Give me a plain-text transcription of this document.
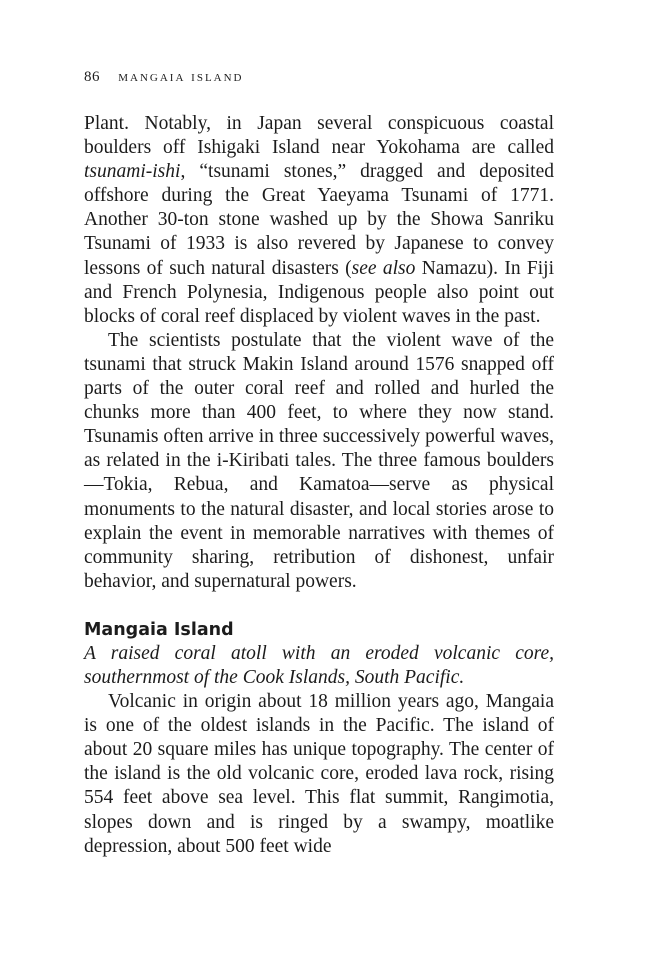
86 mangaia island

Plant. Notably, in Japan several conspicuous coastal boulders off Ishigaki Island near Yokohama are called tsunami-ishi, “tsunami stones,” dragged and deposited offshore during the Great Yaeyama Tsunami of 1771. Another 30-ton stone washed up by the Showa Sanriku Tsunami of 1933 is also revered by Japanese to convey lessons of such natural disasters (see also Namazu). In Fiji and French Polynesia, Indigenous people also point out blocks of coral reef displaced by violent waves in the past.

The scientists postulate that the violent wave of the tsunami that struck Makin Island around 1576 snapped off parts of the outer coral reef and rolled and hurled the chunks more than 400 feet, to where they now stand. Tsunamis often arrive in three successively powerful waves, as related in the i-Kiribati tales. The three famous boulders—Tokia, Rebua, and Kamatoa—serve as physical monuments to the natural disaster, and local stories arose to explain the event in memorable narratives with themes of community sharing, retribution of dishonest, unfair behavior, and supernatural powers.

Mangaia Island

A raised coral atoll with an eroded volcanic core, southernmost of the Cook Islands, South Pacific.

Volcanic in origin about 18 million years ago, Mangaia is one of the oldest islands in the Pacific. The island of about 20 square miles has unique topography. The center of the island is the old volcanic core, eroded lava rock, rising 554 feet above sea level. This flat summit, Rangimotia, slopes down and is ringed by a swampy, moatlike depression, about 500 feet wide
